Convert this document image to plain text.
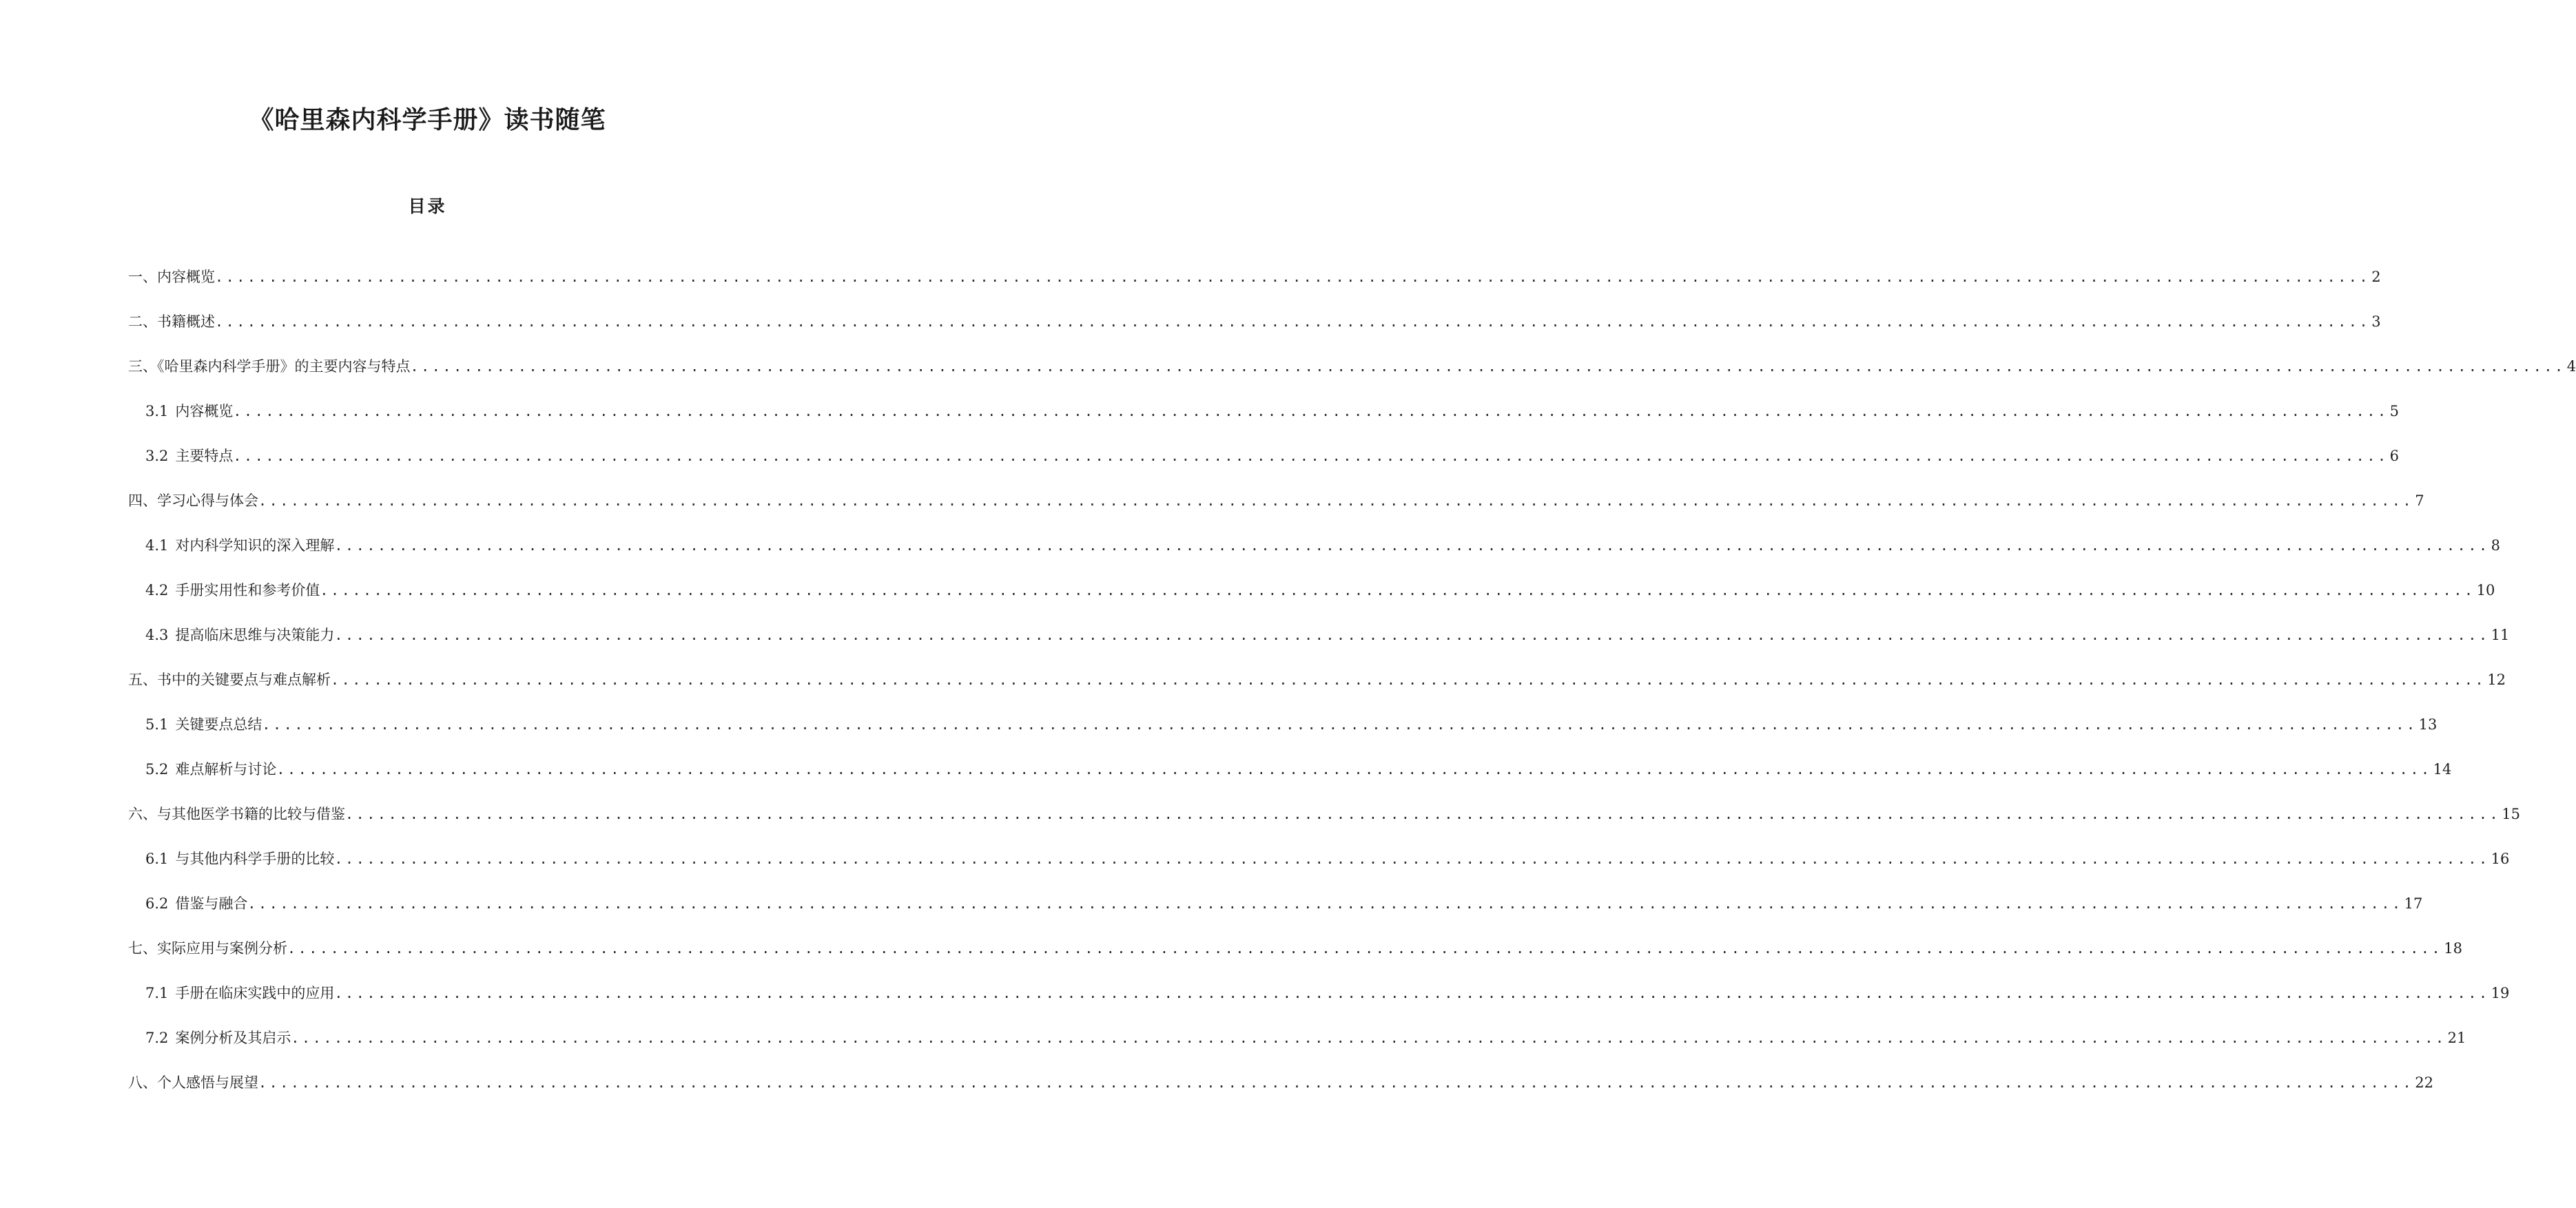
《哈里森内科学手册》读书随笔
目录
一、内容概览 ........................................................................................................................................................................................................ 2
二、书籍概述 ........................................................................................................................................................................................................ 3
三、《哈里森内科学手册》的主要内容与特点 ........................................................................................................................................................................................................ 4
3.1 内容概览 ........................................................................................................................................................................................................ 5
3.2 主要特点 ........................................................................................................................................................................................................ 6
四、学习心得与体会 ........................................................................................................................................................................................................ 7
4.1 对内科学知识的深入理解 ........................................................................................................................................................................................................ 8
4.2 手册实用性和参考价值 ........................................................................................................................................................................................................ 10
4.3 提高临床思维与决策能力 ........................................................................................................................................................................................................ 11
五、书中的关键要点与难点解析 ........................................................................................................................................................................................................ 12
5.1 关键要点总结 ........................................................................................................................................................................................................ 13
5.2 难点解析与讨论 ........................................................................................................................................................................................................ 14
六、与其他医学书籍的比较与借鉴 ........................................................................................................................................................................................................ 15
6.1 与其他内科学手册的比较 ........................................................................................................................................................................................................ 16
6.2 借鉴与融合 ........................................................................................................................................................................................................ 17
七、实际应用与案例分析 ........................................................................................................................................................................................................ 18
7.1 手册在临床实践中的应用 ........................................................................................................................................................................................................ 19
7.2 案例分析及其启示 ........................................................................................................................................................................................................ 21
八、个人感悟与展望 ........................................................................................................................................................................................................ 22
